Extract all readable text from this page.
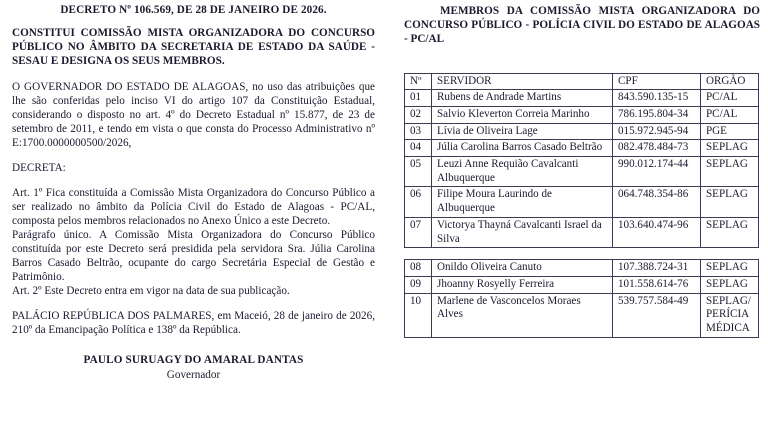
DECRETO Nº 106.569, DE 28 DE JANEIRO DE 2026.

CONSTITUI COMISSÃO MISTA ORGANIZADORA DO CONCURSO PÚBLICO NO ÂMBITO DA SECRETARIA DE ESTADO DA SAÚDE - SESAU E DESIGNA OS SEUS MEMBROS.

O GOVERNADOR DO ESTADO DE ALAGOAS, no uso das atribuições que lhe são conferidas pelo inciso VI do artigo 107 da Constituição Estadual, considerando o disposto no art. 4º do Decreto Estadual nº 15.877, de 23 de setembro de 2011, e tendo em vista o que consta do Processo Administrativo nº E:1700.0000000500/2026,

DECRETA:

Art. 1º Fica constituída a Comissão Mista Organizadora do Concurso Público a ser realizado no âmbito da Polícia Civil do Estado de Alagoas - PC/AL, composta pelos membros relacionados no Anexo Único a este Decreto.

Parágrafo único. A Comissão Mista Organizadora do Concurso Público constituída por este Decreto será presidida pela servidora Sra. Júlia Carolina Barros Casado Beltrão, ocupante do cargo Secretária Especial de Gestão e Patrimônio.

Art. 2º Este Decreto entra em vigor na data de sua publicação.

PALÁCIO REPÚBLICA DOS PALMARES, em Maceió, 28 de janeiro de 2026, 210º da Emancipação Política e 138º da República.

PAULO SURUAGY DO AMARAL DANTAS
Governador

MEMBROS DA COMISSÃO MISTA ORGANIZADORA DO CONCURSO PÚBLICO - POLÍCIA CIVIL DO ESTADO DE ALAGOAS - PC/AL

Nº	SERVIDOR	CPF	ORGÃO
01	Rubens de Andrade Martins	843.590.135-15	PC/AL
02	Salvio Kleverton Correia Marinho	786.195.804-34	PC/AL
03	Lívia de Oliveira Lage	015.972.945-94	PGE
04	Júlia Carolina Barros Casado Beltrão	082.478.484-73	SEPLAG
05	Leuzi Anne Requião Cavalcanti Albuquerque	990.012.174-44	SEPLAG
06	Filipe Moura Laurindo de Albuquerque	064.748.354-86	SEPLAG
07	Victorya Thayná Cavalcanti Israel da Silva	103.640.474-96	SEPLAG
08	Onildo Oliveira Canuto	107.388.724-31	SEPLAG
09	Jhoanny Rosyelly Ferreira	101.558.614-76	SEPLAG
10	Marlene de Vasconcelos Moraes Alves	539.757.584-49	SEPLAG/ PERÍCIA MÉDICA
